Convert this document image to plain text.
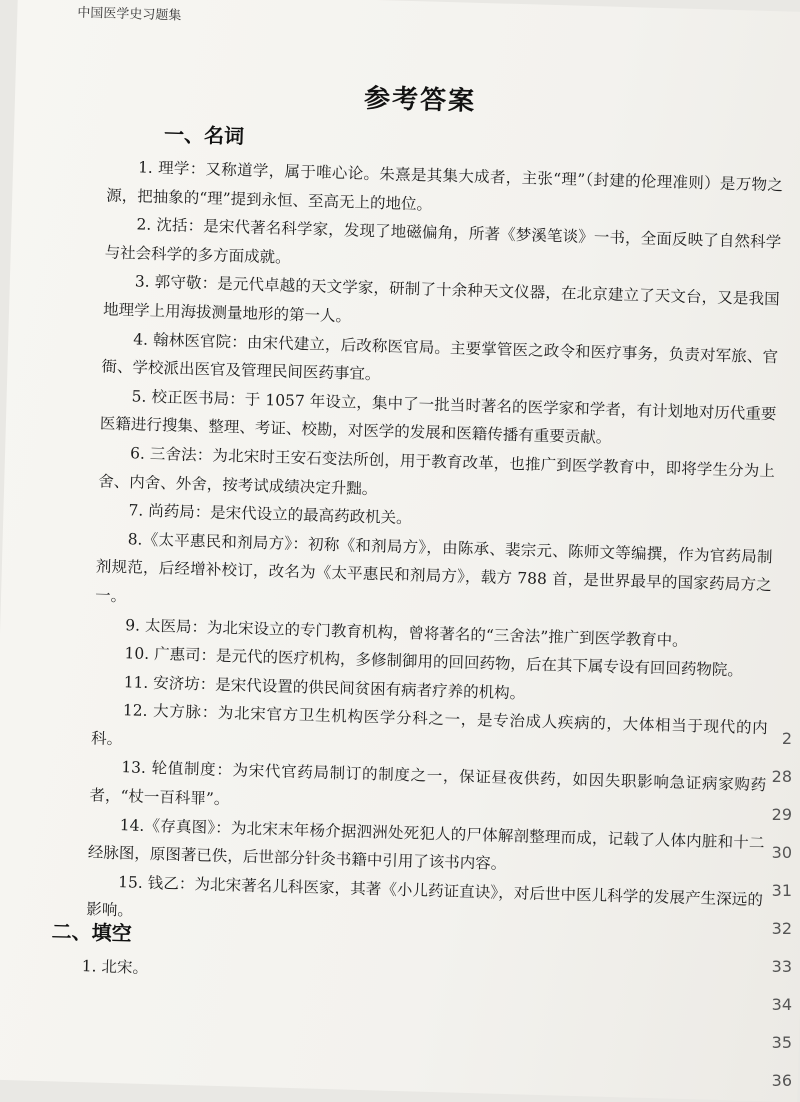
中国医学史习题集
参考答案
一、名词

1. 理学：又称道学，属于唯心论。朱熹是其集大成者，主张“理”（封建的伦理准则）是万物之源，把抽象的“理”提到永恒、至高无上的地位。

2. 沈括：是宋代著名科学家，发现了地磁偏角，所著《梦溪笔谈》一书，全面反映了自然科学与社会科学的多方面成就。

3. 郭守敬：是元代卓越的天文学家，研制了十余种天文仪器，在北京建立了天文台，又是我国地理学上用海拔测量地形的第一人。

4. 翰林医官院：由宋代建立，后改称医官局。主要掌管医之政令和医疗事务，负责对军旅、官衙、学校派出医官及管理民间医药事宜。

5. 校正医书局：于 1057 年设立，集中了一批当时著名的医学家和学者，有计划地对历代重要医籍进行搜集、整理、考证、校勘，对医学的发展和医籍传播有重要贡献。

6. 三舍法：为北宋时王安石变法所创，用于教育改革，也推广到医学教育中，即将学生分为上舍、内舍、外舍，按考试成绩决定升黜。

7. 尚药局：是宋代设立的最高药政机关。

8.《太平惠民和剂局方》：初称《和剂局方》，由陈承、裴宗元、陈师文等编撰，作为官药局制剂规范，后经增补校订，改名为《太平惠民和剂局方》，载方 788 首，是世界最早的国家药局方之一。

9. 太医局：为北宋设立的专门教育机构，曾将著名的“三舍法”推广到医学教育中。

10. 广惠司：是元代的医疗机构，多修制御用的回回药物，后在其下属专设有回回药物院。

11. 安济坊：是宋代设置的供民间贫困有病者疗养的机构。

12. 大方脉：为北宋官方卫生机构医学分科之一，是专治成人疾病的，大体相当于现代的内科。

13. 轮值制度：为宋代官药局制订的制度之一，保证昼夜供药，如因失职影响急证病家购药者，“杖一百科罪”。

14.《存真图》：为北宋末年杨介据泗洲处死犯人的尸体解剖整理而成，记载了人体内脏和十二经脉图，原图著已佚，后世部分针灸书籍中引用了该书内容。

15. 钱乙：为北宋著名儿科医家，其著《小儿药证直诀》，对后世中医儿科学的发展产生深远的影响。

二、填空

1. 北宋。

2
28
29
30
31
32
33
34
35
36
